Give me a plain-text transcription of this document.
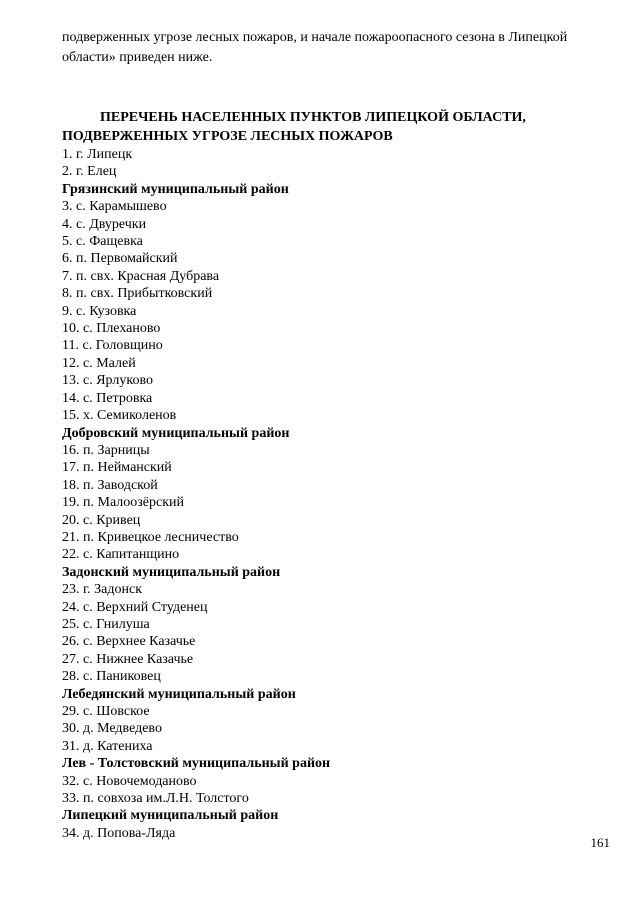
подверженных угрозе лесных пожаров, и начале пожароопасного сезона в Липецкой
области» приведен ниже.

ПЕРЕЧЕНЬ НАСЕЛЕННЫХ ПУНКТОВ ЛИПЕЦКОЙ ОБЛАСТИ,
ПОДВЕРЖЕННЫХ УГРОЗЕ ЛЕСНЫХ ПОЖАРОВ
1. г. Липецк
2. г. Елец
Грязинский муниципальный район
3. с. Карамышево
4. с. Двуречки
5. с. Фащевка
6. п. Первомайский
7. п. свх. Красная Дубрава
8. п. свх. Прибытковский
9. с. Кузовка
10. с. Плеханово
11. с. Головщино
12. с. Малей
13. с. Ярлуково
14. с. Петровка
15. х. Семиколенов
Добровский муниципальный район
16. п. Зарницы
17. п. Нейманский
18. п. Заводской
19. п. Малоозёрский
20. с. Кривец
21. п. Кривецкое лесничество
22. с. Капитанщино
Задонский муниципальный район
23. г. Задонск
24. с. Верхний Студенец
25. с. Гнилуша
26. с. Верхнее Казачье
27. с. Нижнее Казачье
28. с. Паниковец
Лебедянский муниципальный район
29. с. Шовское
30. д. Медведево
31. д. Катениха
Лев - Толстовский муниципальный район
32. с. Новочемоданово
33. п. совхоза им.Л.Н. Толстого
Липецкий муниципальный район
34. д. Попова-Ляда
161
